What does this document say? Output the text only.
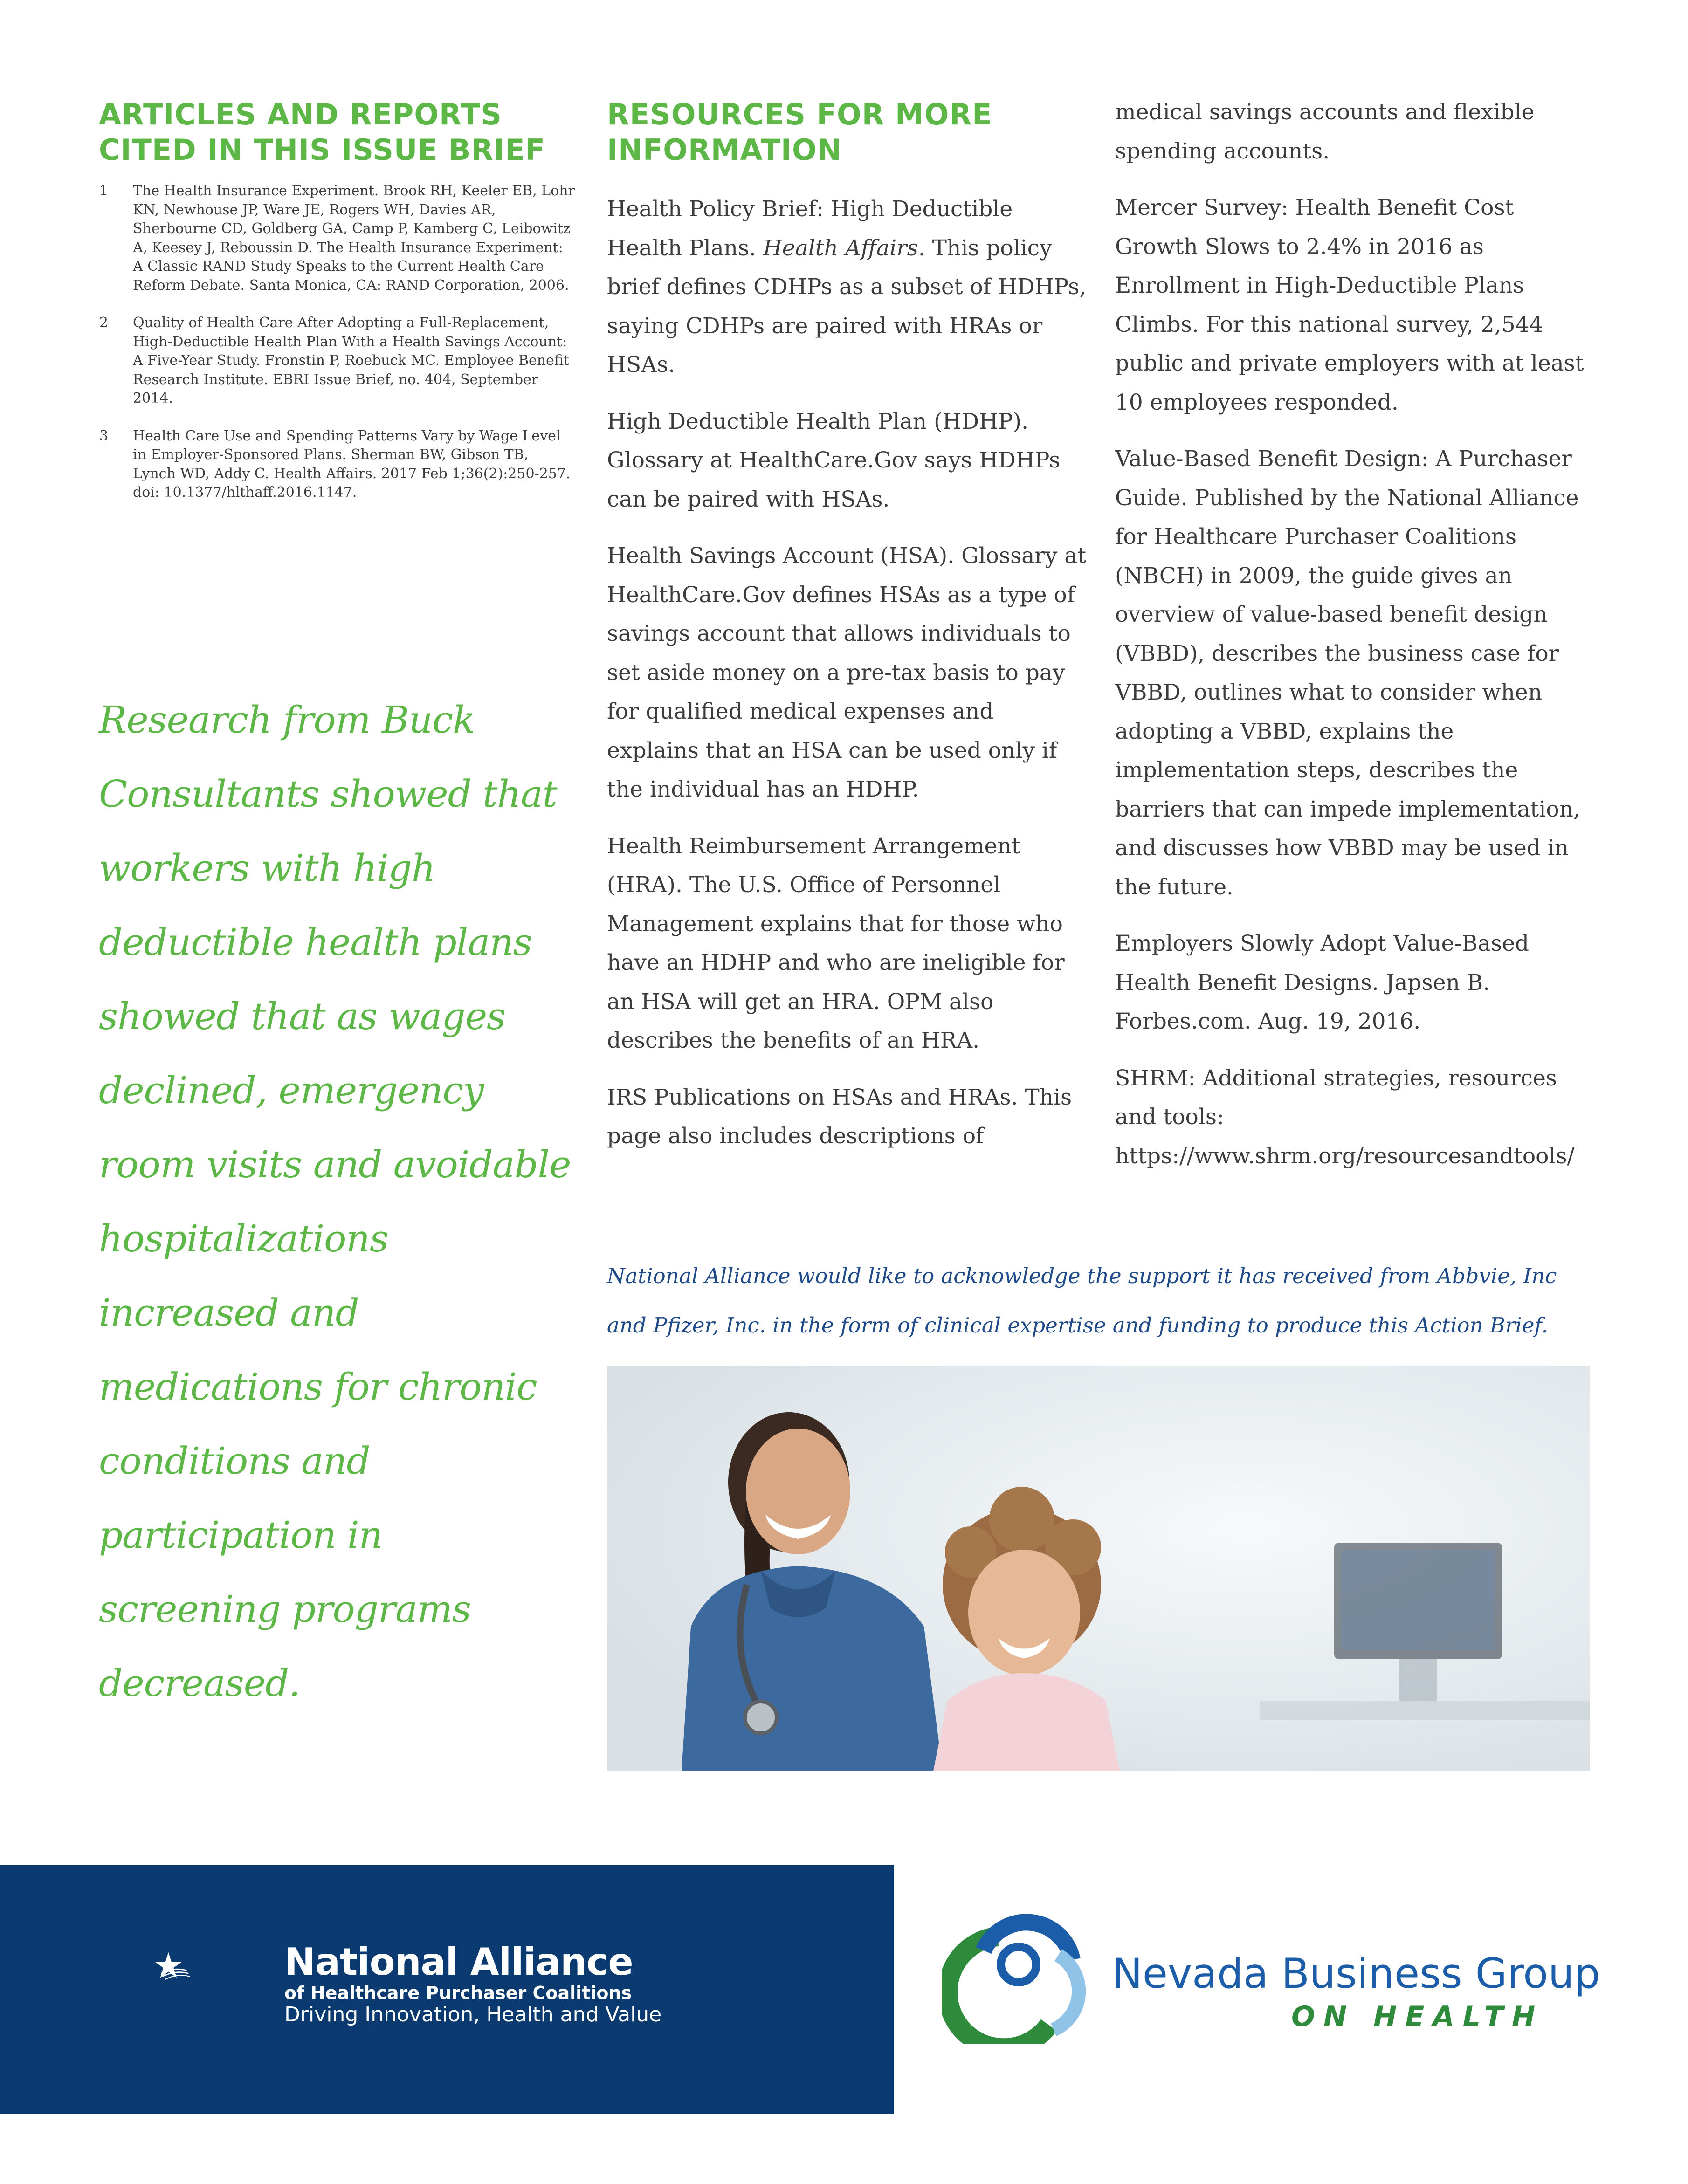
ARTICLES AND REPORTS
CITED IN THIS ISSUE BRIEF
1 The Health Insurance Experiment. Brook RH, Keeler EB, Lohr KN, Newhouse JP, Ware JE, Rogers WH, Davies AR, Sherbourne CD, Goldberg GA, Camp P, Kamberg C, Leibowitz A, Keesey J, Reboussin D. The Health Insurance Experiment: A Classic RAND Study Speaks to the Current Health Care Reform Debate. Santa Monica, CA: RAND Corporation, 2006.
2 Quality of Health Care After Adopting a Full-Replacement, High-Deductible Health Plan With a Health Savings Account: A Five-Year Study. Fronstin P, Roebuck MC. Employee Benefit Research Institute. EBRI Issue Brief, no. 404, September 2014.
3 Health Care Use and Spending Patterns Vary by Wage Level in Employer-Sponsored Plans. Sherman BW, Gibson TB, Lynch WD, Addy C. Health Affairs. 2017 Feb 1;36(2):250-257. doi: 10.1377/hlthaff.2016.1147.

Research from Buck Consultants showed that workers with high deductible health plans showed that as wages declined, emergency room visits and avoidable hospitalizations increased and medications for chronic conditions and participation in screening programs decreased.

RESOURCES FOR MORE
INFORMATION

Health Policy Brief: High Deductible Health Plans. Health Affairs. This policy brief defines CDHPs as a subset of HDHPs, saying CDHPs are paired with HRAs or HSAs.

High Deductible Health Plan (HDHP). Glossary at HealthCare.Gov says HDHPs can be paired with HSAs.

Health Savings Account (HSA). Glossary at HealthCare.Gov defines HSAs as a type of savings account that allows individuals to set aside money on a pre-tax basis to pay for qualified medical expenses and explains that an HSA can be used only if the individual has an HDHP.

Health Reimbursement Arrangement (HRA). The U.S. Office of Personnel Management explains that for those who have an HDHP and who are ineligible for an HSA will get an HRA. OPM also describes the benefits of an HRA.

IRS Publications on HSAs and HRAs. This page also includes descriptions of

medical savings accounts and flexible spending accounts.

Mercer Survey: Health Benefit Cost Growth Slows to 2.4% in 2016 as Enrollment in High-Deductible Plans Climbs. For this national survey, 2,544 public and private employers with at least 10 employees responded.

Value-Based Benefit Design: A Purchaser Guide. Published by the National Alliance for Healthcare Purchaser Coalitions (NBCH) in 2009, the guide gives an overview of value-based benefit design (VBBD), describes the business case for VBBD, outlines what to consider when adopting a VBBD, explains the implementation steps, describes the barriers that can impede implementation, and discusses how VBBD may be used in the future.

Employers Slowly Adopt Value-Based Health Benefit Designs. Japsen B. Forbes.com. Aug. 19, 2016.

SHRM: Additional strategies, resources and tools: https://www.shrm.org/resourcesandtools/

National Alliance would like to acknowledge the support it has received from Abbvie, Inc and Pfizer, Inc. in the form of clinical expertise and funding to produce this Action Brief.

National Alliance
of Healthcare Purchaser Coalitions
Driving Innovation, Health and Value
Nevada Business Group
ON HEALTH
